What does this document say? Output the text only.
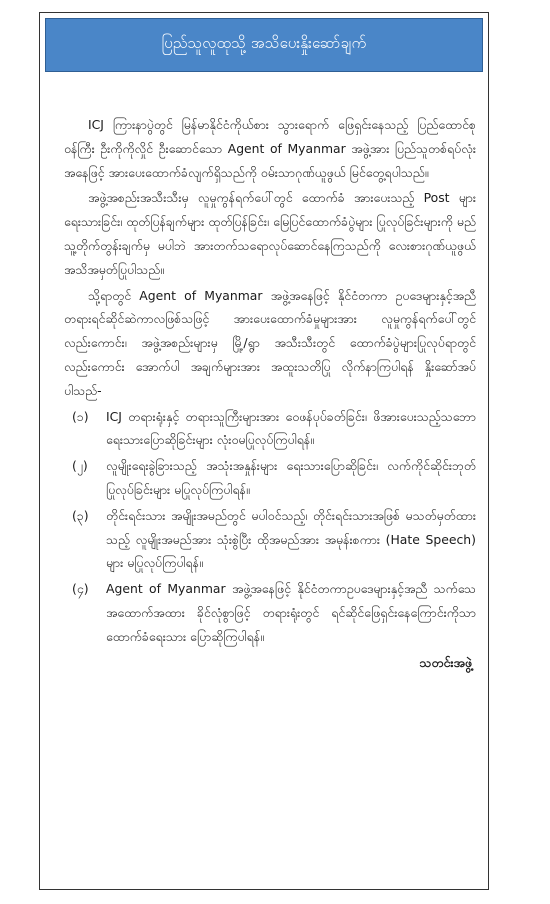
ပြည်သူလူထုသို့ အသိပေးနှိုးဆော်ချက်

ICJ ကြားနာပွဲတွင် မြန်မာနိုင်ငံကိုယ်စား သွားရောက် ဖြေရှင်းနေသည့် ပြည်ထောင်စုဝန်ကြီး ဦးကိုကိုလှိုင် ဦးဆောင်သော Agent of Myanmar အဖွဲ့အား ပြည်သူတစ်ရပ်လုံးအနေဖြင့် အားပေးထောက်ခံလျက်ရှိသည်ကို ဝမ်းသာဂုဏ်ယူဖွယ် မြင်တွေ့ရပါသည်။

အဖွဲ့အစည်းအသီးသီးမှ လူမှုကွန်ရက်ပေါ်တွင် ထောက်ခံ အားပေးသည့် Post များ ရေးသားခြင်း၊ ထုတ်ပြန်ချက်များ ထုတ်ပြန်ခြင်း၊ မြေပြင်ထောက်ခံပွဲများ ပြုလုပ်ခြင်းများကို မည်သူ့တိုက်တွန်းချက်မှ မပါဘဲ အားတက်သရောလုပ်ဆောင်နေကြသည်ကို လေးစားဂုဏ်ယူဖွယ် အသိအမှတ်ပြုပါသည်။

သို့ရာတွင် Agent of Myanmar အဖွဲ့အနေဖြင့် နိုင်ငံတကာ ဥပဒေများနှင့်အညီ တရားရင်ဆိုင်ဆဲကာလဖြစ်သဖြင့် အားပေးထောက်ခံမှုများအား လူမှုကွန်ရက်ပေါ်တွင်လည်းကောင်း၊ အဖွဲ့အစည်းများမှ မြို့/ရွာ အသီးသီးတွင် ထောက်ခံပွဲများပြုလုပ်ရာတွင်လည်းကောင်း အောက်ပါ အချက်များအား အထူးသတိပြု လိုက်နာကြပါရန် နှိုးဆော်အပ်ပါသည်-

(၁)	ICJ တရားရုံးနှင့် တရားသူကြီးများအား ဝေဖန်ပုပ်ခတ်ခြင်း၊ ဖိအားပေးသည့်သဘော ရေးသားပြောဆိုခြင်းများ လုံးဝမပြုလုပ်ကြပါရန်။
(၂)	လူမျိုးရေးခွဲခြားသည့် အသုံးအနှုန်းများ ရေးသားပြောဆိုခြင်း၊ လက်ကိုင်ဆိုင်းဘုတ် ပြုလုပ်ခြင်းများ မပြုလုပ်ကြပါရန်။
(၃)	တိုင်းရင်းသား အမျိုးအမည်တွင် မပါဝင်သည့်၊ တိုင်းရင်းသားအဖြစ် မသတ်မှတ်ထားသည့် လူမျိုးအမည်အား သုံးစွဲပြီး ထိုအမည်အား အမုန်းစကား (Hate Speech) များ မပြုလုပ်ကြပါရန်။
(၄)	Agent of Myanmar အဖွဲ့အနေဖြင့် နိုင်ငံတကာဥပဒေများနှင့်အညီ သက်သေအထောက်အထား ခိုင်လုံစွာဖြင့် တရားရုံးတွင် ရင်ဆိုင်ဖြေရှင်းနေကြောင်းကိုသာ ထောက်ခံရေးသား ပြောဆိုကြပါရန်။
သတင်းအဖွဲ့
